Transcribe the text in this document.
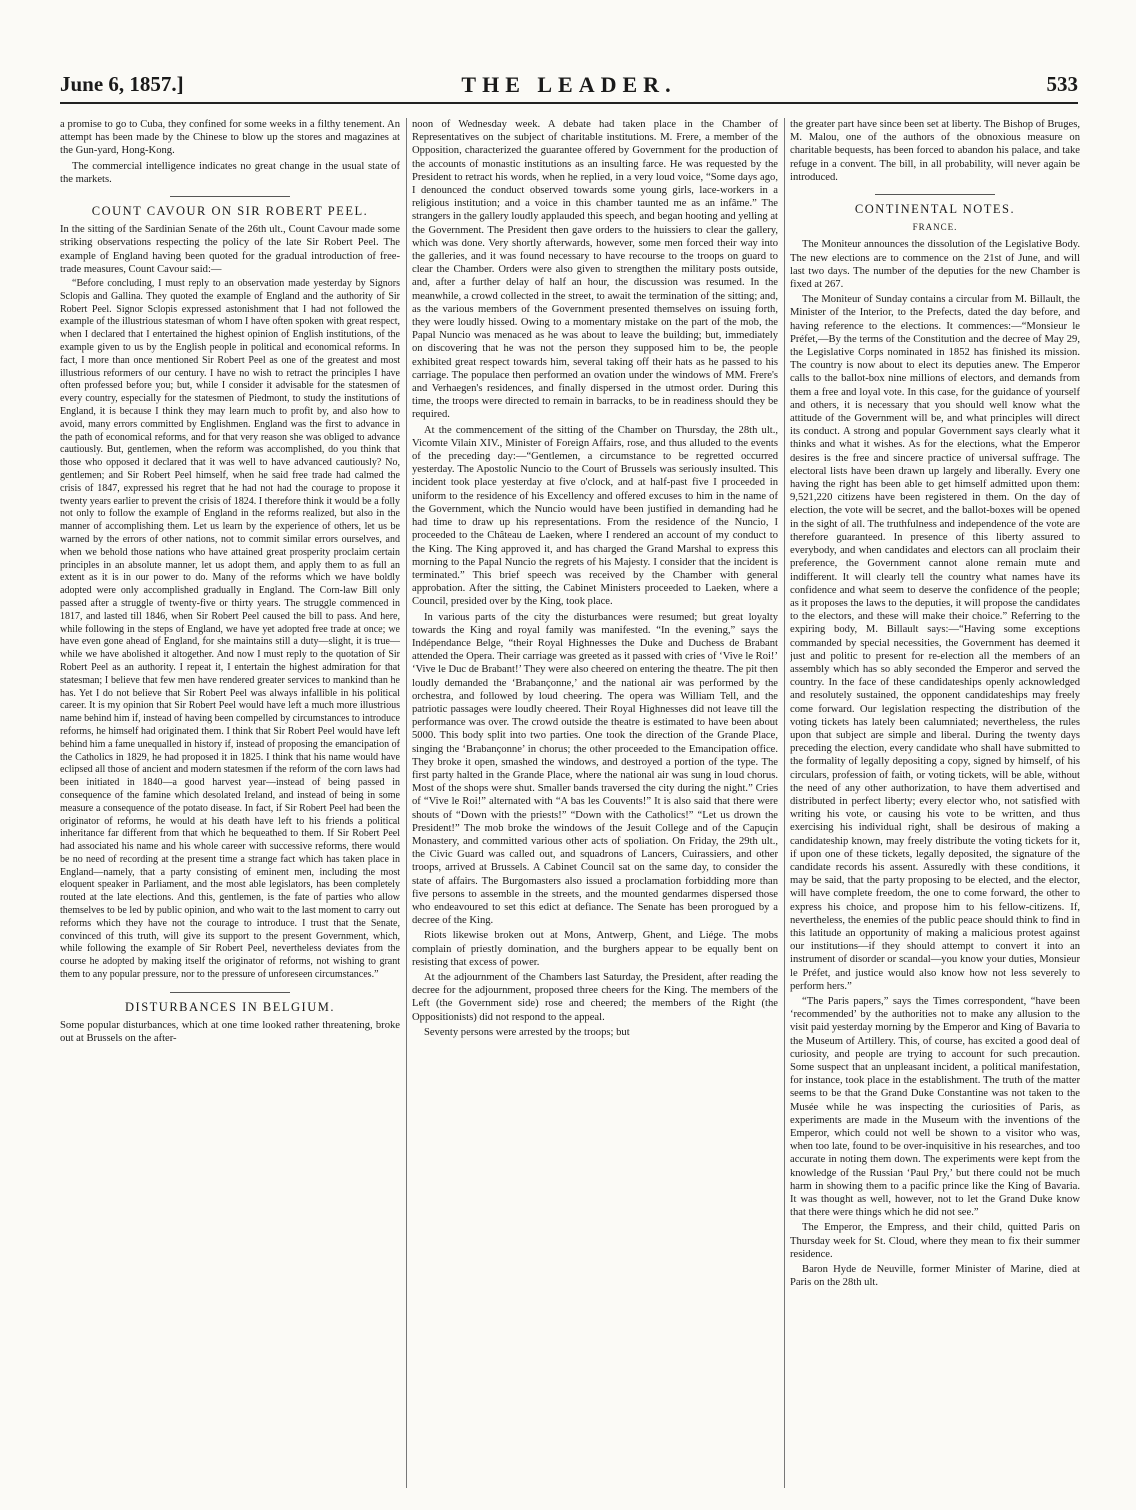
June 6, 1857.]	THE LEADER.	533

a promise to go to Cuba, they confined for some weeks in a filthy tenement. An attempt has been made by the Chinese to blow up the stores and magazines at the Gun-yard, Hong-Kong.

The commercial intelligence indicates no great change in the usual state of the markets.

COUNT CAVOUR ON SIR ROBERT PEEL.

In the sitting of the Sardinian Senate of the 26th ult., Count Cavour made some striking observations respecting the policy of the late Sir Robert Peel. The example of England having been quoted for the gradual introduction of free-trade measures, Count Cavour said:—

“Before concluding, I must reply to an observation made yesterday by Signors Sclopis and Gallina. They quoted the example of England and the authority of Sir Robert Peel. Signor Sclopis expressed astonishment that I had not followed the example of the illustrious statesman of whom I have often spoken with great respect, when I declared that I entertained the highest opinion of English institutions, of the example given to us by the English people in political and economical reforms. In fact, I more than once mentioned Sir Robert Peel as one of the greatest and most illustrious reformers of our century. I have no wish to retract the principles I have often professed before you; but, while I consider it advisable for the statesmen of every country, especially for the statesmen of Piedmont, to study the institutions of England, it is because I think they may learn much to profit by, and also how to avoid, many errors committed by Englishmen. England was the first to advance in the path of economical reforms, and for that very reason she was obliged to advance cautiously. But, gentlemen, when the reform was accomplished, do you think that those who opposed it declared that it was well to have advanced cautiously? No, gentlemen; and Sir Robert Peel himself, when he said free trade had calmed the crisis of 1847, expressed his regret that he had not had the courage to propose it twenty years earlier to prevent the crisis of 1824. I therefore think it would be a folly not only to follow the example of England in the reforms realized, but also in the manner of accomplishing them. Let us learn by the experience of others, let us be warned by the errors of other nations, not to commit similar errors ourselves, and when we behold those nations who have attained great prosperity proclaim certain principles in an absolute manner, let us adopt them, and apply them to as full an extent as it is in our power to do. Many of the reforms which we have boldly adopted were only accomplished gradually in England. The Corn-law Bill only passed after a struggle of twenty-five or thirty years. The struggle commenced in 1817, and lasted till 1846, when Sir Robert Peel caused the bill to pass. And here, while following in the steps of England, we have yet adopted free trade at once; we have even gone ahead of England, for she maintains still a duty—slight, it is true—while we have abolished it altogether. And now I must reply to the quotation of Sir Robert Peel as an authority. I repeat it, I entertain the highest admiration for that statesman; I believe that few men have rendered greater services to mankind than he has. Yet I do not believe that Sir Robert Peel was always infallible in his political career. It is my opinion that Sir Robert Peel would have left a much more illustrious name behind him if, instead of having been compelled by circumstances to introduce reforms, he himself had originated them. I think that Sir Robert Peel would have left behind him a fame unequalled in history if, instead of proposing the emancipation of the Catholics in 1829, he had proposed it in 1825. I think that his name would have eclipsed all those of ancient and modern statesmen if the reform of the corn laws had been initiated in 1840—a good harvest year—instead of being passed in consequence of the famine which desolated Ireland, and instead of being in some measure a consequence of the potato disease. In fact, if Sir Robert Peel had been the originator of reforms, he would at his death have left to his friends a political inheritance far different from that which he bequeathed to them. If Sir Robert Peel had associated his name and his whole career with successive reforms, there would be no need of recording at the present time a strange fact which has taken place in England—namely, that a party consisting of eminent men, including the most eloquent speaker in Parliament, and the most able legislators, has been completely routed at the late elections. And this, gentlemen, is the fate of parties who allow themselves to be led by public opinion, and who wait to the last moment to carry out reforms which they have not the courage to introduce. I trust that the Senate, convinced of this truth, will give its support to the present Government, which, while following the example of Sir Robert Peel, nevertheless deviates from the course he adopted by making itself the originator of reforms, not wishing to grant them to any popular pressure, nor to the pressure of unforeseen circumstances.”

DISTURBANCES IN BELGIUM.

Some popular disturbances, which at one time looked rather threatening, broke out at Brussels on the after-

noon of Wednesday week. A debate had taken place in the Chamber of Representatives on the subject of charitable institutions. M. Frere, a member of the Opposition, characterized the guarantee offered by Government for the production of the accounts of monastic institutions as an insulting farce. He was requested by the President to retract his words, when he replied, in a very loud voice, “Some days ago, I denounced the conduct observed towards some young girls, lace-workers in a religious institution; and a voice in this chamber taunted me as an infâme.” The strangers in the gallery loudly applauded this speech, and began hooting and yelling at the Government. The President then gave orders to the huissiers to clear the gallery, which was done. Very shortly afterwards, however, some men forced their way into the galleries, and it was found necessary to have recourse to the troops on guard to clear the Chamber. Orders were also given to strengthen the military posts outside, and, after a further delay of half an hour, the discussion was resumed. In the meanwhile, a crowd collected in the street, to await the termination of the sitting; and, as the various members of the Government presented themselves on issuing forth, they were loudly hissed. Owing to a momentary mistake on the part of the mob, the Papal Nuncio was menaced as he was about to leave the building; but, immediately on discovering that he was not the person they supposed him to be, the people exhibited great respect towards him, several taking off their hats as he passed to his carriage. The populace then performed an ovation under the windows of MM. Frere's and Verhaegen's residences, and finally dispersed in the utmost order. During this time, the troops were directed to remain in barracks, to be in readiness should they be required.

At the commencement of the sitting of the Chamber on Thursday, the 28th ult., Vicomte Vilain XIV., Minister of Foreign Affairs, rose, and thus alluded to the events of the preceding day:—“Gentlemen, a circumstance to be regretted occurred yesterday. The Apostolic Nuncio to the Court of Brussels was seriously insulted. This incident took place yesterday at five o'clock, and at half-past five I proceeded in uniform to the residence of his Excellency and offered excuses to him in the name of the Government, which the Nuncio would have been justified in demanding had he had time to draw up his representations. From the residence of the Nuncio, I proceeded to the Château de Laeken, where I rendered an account of my conduct to the King. The King approved it, and has charged the Grand Marshal to express this morning to the Papal Nuncio the regrets of his Majesty. I consider that the incident is terminated.” This brief speech was received by the Chamber with general approbation. After the sitting, the Cabinet Ministers proceeded to Laeken, where a Council, presided over by the King, took place.

In various parts of the city the disturbances were resumed; but great loyalty towards the King and royal family was manifested. “In the evening,” says the Indépendance Belge, “their Royal Highnesses the Duke and Duchess de Brabant attended the Opera. Their carriage was greeted as it passed with cries of ‘Vive le Roi!’ ‘Vive le Duc de Brabant!’ They were also cheered on entering the theatre. The pit then loudly demanded the ‘Brabançonne,’ and the national air was performed by the orchestra, and followed by loud cheering. The opera was William Tell, and the patriotic passages were loudly cheered. Their Royal Highnesses did not leave till the performance was over. The crowd outside the theatre is estimated to have been about 5000. This body split into two parties. One took the direction of the Grande Place, singing the ‘Brabançonne’ in chorus; the other proceeded to the Emancipation office. They broke it open, smashed the windows, and destroyed a portion of the type. The first party halted in the Grande Place, where the national air was sung in loud chorus. Most of the shops were shut. Smaller bands traversed the city during the night.” Cries of “Vive le Roi!” alternated with “A bas les Couvents!” It is also said that there were shouts of “Down with the priests!” “Down with the Catholics!” “Let us drown the President!” The mob broke the windows of the Jesuit College and of the Capuçin Monastery, and committed various other acts of spoliation. On Friday, the 29th ult., the Civic Guard was called out, and squadrons of Lancers, Cuirassiers, and other troops, arrived at Brussels. A Cabinet Council sat on the same day, to consider the state of affairs. The Burgomasters also issued a proclamation forbidding more than five persons to assemble in the streets, and the mounted gendarmes dispersed those who endeavoured to set this edict at defiance. The Senate has been prorogued by a decree of the King.

Riots likewise broken out at Mons, Antwerp, Ghent, and Liége. The mobs complain of priestly domination, and the burghers appear to be equally bent on resisting that excess of power.

At the adjournment of the Chambers last Saturday, the President, after reading the decree for the adjournment, proposed three cheers for the King. The members of the Left (the Government side) rose and cheered; the members of the Right (the Oppositionists) did not respond to the appeal.

Seventy persons were arrested by the troops; but

the greater part have since been set at liberty. The Bishop of Bruges, M. Malou, one of the authors of the obnoxious measure on charitable bequests, has been forced to abandon his palace, and take refuge in a convent. The bill, in all probability, will never again be introduced.

CONTINENTAL NOTES.
FRANCE.

The Moniteur announces the dissolution of the Legislative Body. The new elections are to commence on the 21st of June, and will last two days. The number of the deputies for the new Chamber is fixed at 267.

The Moniteur of Sunday contains a circular from M. Billault, the Minister of the Interior, to the Prefects, dated the day before, and having reference to the elections. It commences:—“Monsieur le Préfet,—By the terms of the Constitution and the decree of May 29, the Legislative Corps nominated in 1852 has finished its mission. The country is now about to elect its deputies anew. The Emperor calls to the ballot-box nine millions of electors, and demands from them a free and loyal vote. In this case, for the guidance of yourself and others, it is necessary that you should well know what the attitude of the Government will be, and what principles will direct its conduct. A strong and popular Government says clearly what it thinks and what it wishes. As for the elections, what the Emperor desires is the free and sincere practice of universal suffrage. The electoral lists have been drawn up largely and liberally. Every one having the right has been able to get himself admitted upon them: 9,521,220 citizens have been registered in them. On the day of election, the vote will be secret, and the ballot-boxes will be opened in the sight of all. The truthfulness and independence of the vote are therefore guaranteed. In presence of this liberty assured to everybody, and when candidates and electors can all proclaim their preference, the Government cannot alone remain mute and indifferent. It will clearly tell the country what names have its confidence and what seem to deserve the confidence of the people; as it proposes the laws to the deputies, it will propose the candidates to the electors, and these will make their choice.” Referring to the expiring body, M. Billault says:—“Having some exceptions commanded by special necessities, the Government has deemed it just and politic to present for re-election all the members of an assembly which has so ably seconded the Emperor and served the country. In the face of these candidateships openly acknowledged and resolutely sustained, the opponent candidateships may freely come forward. Our legislation respecting the distribution of the voting tickets has lately been calumniated; nevertheless, the rules upon that subject are simple and liberal. During the twenty days preceding the election, every candidate who shall have submitted to the formality of legally depositing a copy, signed by himself, of his circulars, profession of faith, or voting tickets, will be able, without the need of any other authorization, to have them advertised and distributed in perfect liberty; every elector who, not satisfied with writing his vote, or causing his vote to be written, and thus exercising his individual right, shall be desirous of making a candidateship known, may freely distribute the voting tickets for it, if upon one of these tickets, legally deposited, the signature of the candidate records his assent. Assuredly with these conditions, it may be said, that the party proposing to be elected, and the elector, will have complete freedom, the one to come forward, the other to express his choice, and propose him to his fellow-citizens. If, nevertheless, the enemies of the public peace should think to find in this latitude an opportunity of making a malicious protest against our institutions—if they should attempt to convert it into an instrument of disorder or scandal—you know your duties, Monsieur le Préfet, and justice would also know how not less severely to perform hers.”

“The Paris papers,” says the Times correspondent, “have been ‘recommended’ by the authorities not to make any allusion to the visit paid yesterday morning by the Emperor and King of Bavaria to the Museum of Artillery. This, of course, has excited a good deal of curiosity, and people are trying to account for such precaution. Some suspect that an unpleasant incident, a political manifestation, for instance, took place in the establishment. The truth of the matter seems to be that the Grand Duke Constantine was not taken to the Musée while he was inspecting the curiosities of Paris, as experiments are made in the Museum with the inventions of the Emperor, which could not well be shown to a visitor who was, when too late, found to be over-inquisitive in his researches, and too accurate in noting them down. The experiments were kept from the knowledge of the Russian ‘Paul Pry,’ but there could not be much harm in showing them to a pacific prince like the King of Bavaria. It was thought as well, however, not to let the Grand Duke know that there were things which he did not see.”

The Emperor, the Empress, and their child, quitted Paris on Thursday week for St. Cloud, where they mean to fix their summer residence.

Baron Hyde de Neuville, former Minister of Marine, died at Paris on the 28th ult.
